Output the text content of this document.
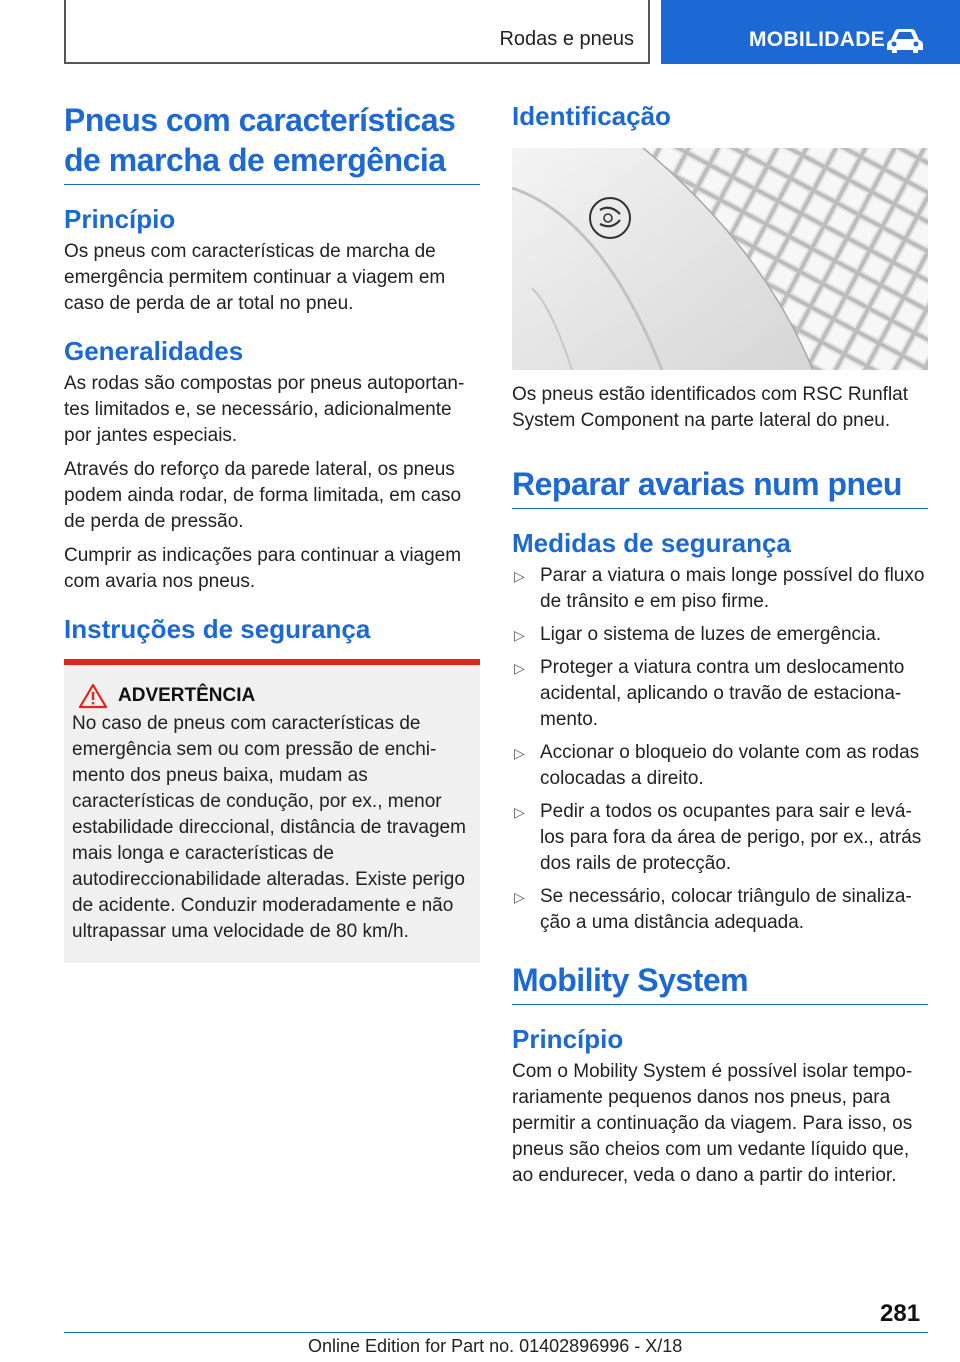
Rodas e pneus	MOBILIDADE
Pneus com características de marcha de emergência
Princípio

Os pneus com características de marcha de emergência permitem continuar a viagem em caso de perda de ar total no pneu.

Generalidades

As rodas são compostas por pneus autoportantes limitados e, se necessário, adicionalmente por jantes especiais.

Através do reforço da parede lateral, os pneus podem ainda rodar, de forma limitada, em caso de perda de pressão.

Cumprir as indicações para continuar a viagem com avaria nos pneus.

Instruções de segurança
ADVERTÊNCIA

No caso de pneus com características de emergência sem ou com pressão de enchimento dos pneus baixa, mudam as características de condução, por ex., menor estabilidade direccional, distância de travagem mais longa e características de autodireccionabilidade alteradas. Existe perigo de acidente. Conduzir moderadamente e não ultrapassar uma velocidade de 80 km/h.

Identificação

Os pneus estão identificados com RSC Runflat System Component na parte lateral do pneu.

Reparar avarias num pneu
Medidas de segurança
▷ Parar a viatura o mais longe possível do fluxo de trânsito e em piso firme.
▷ Ligar o sistema de luzes de emergência.
▷ Proteger a viatura contra um deslocamento acidental, aplicando o travão de estacionamento.
▷ Accionar o bloqueio do volante com as rodas colocadas a direito.
▷ Pedir a todos os ocupantes para sair e levá-los para fora da área de perigo, por ex., atrás dos rails de protecção.
▷ Se necessário, colocar triângulo de sinalização a uma distância adequada.
Mobility System
Princípio

Com o Mobility System é possível isolar temporariamente pequenos danos nos pneus, para permitir a continuação da viagem. Para isso, os pneus são cheios com um vedante líquido que, ao endurecer, veda o dano a partir do interior.

281
Online Edition for Part no. 01402896996 - X/18
